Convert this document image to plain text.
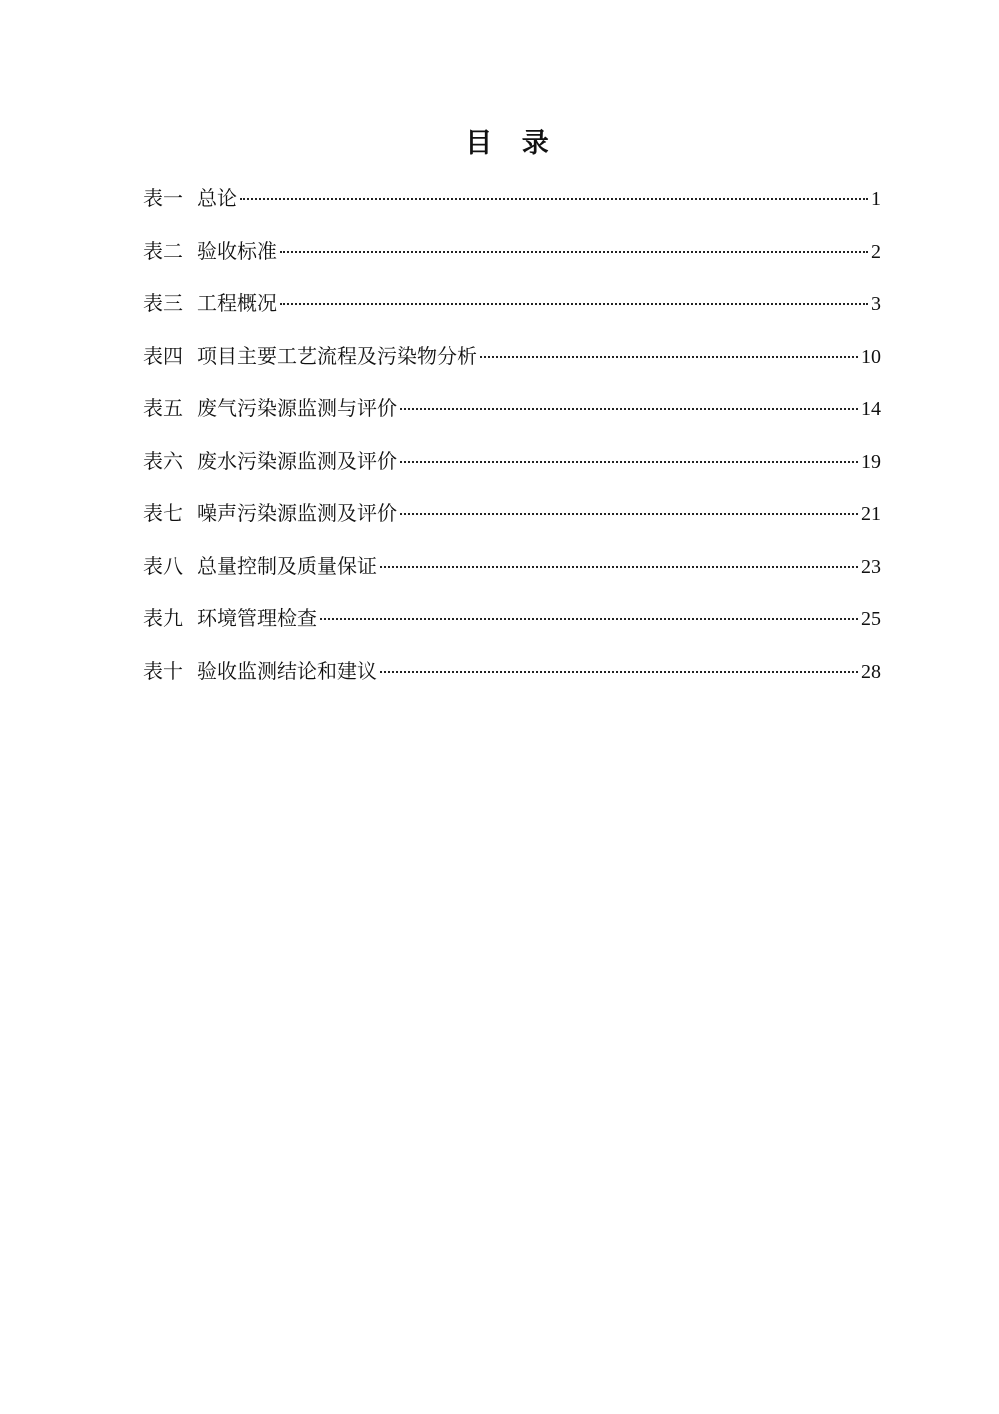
目 录
表一 总论	1
表二 验收标准	2
表三 工程概况	3
表四 项目主要工艺流程及污染物分析	10
表五 废气污染源监测与评价	14
表六 废水污染源监测及评价	19
表七 噪声污染源监测及评价	21
表八 总量控制及质量保证	23
表九 环境管理检查	25
表十 验收监测结论和建议	28
